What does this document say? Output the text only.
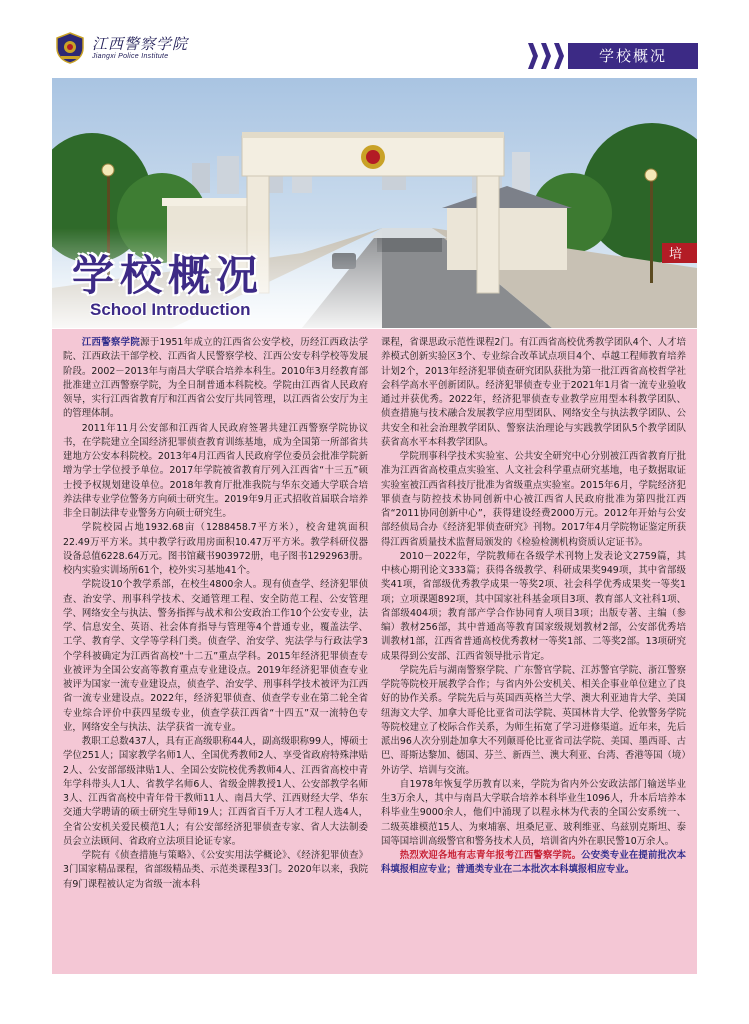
江西警察学院
Jiangxi Police Institute	学校概况
培
学校概况
School Introduction

江西警察学院源于1951年成立的江西省公安学校，历经江西政法学院、江西政法干部学校、江西省人民警察学校、江西公安专科学校等发展阶段。2002－2013年与南昌大学联合培养本科生。2010年3月经教育部批准建立江西警察学院，为全日制普通本科院校。学院由江西省人民政府领导，实行江西省教育厅和江西省公安厅共同管理，以江西省公安厅为主的管理体制。

2011年11月公安部和江西省人民政府签署共建江西警察学院协议书，在学院建立全国经济犯罪侦查教育训练基地，成为全国第一所部省共建地方公安本科院校。2013年4月江西省人民政府学位委员会批准学院新增为学士学位授予单位。2017年学院被省教育厅列入江西省“十三五”硕士授予权规划建设单位。2018年教育厅批准我院与华东交通大学联合培养法律专业学位警务方向硕士研究生。2019年9月正式招收首届联合培养非全日制法律专业警务方向硕士研究生。

学院校园占地1932.68亩（1288458.7平方米），校舍建筑面积22.49万平方米。其中教学行政用房面积10.47万平方米。教学科研仪器设备总值6228.64万元。图书馆藏书903972册，电子图书1292963册。校内实验实训场所61个，校外实习基地41个。

学院设10个教学系部，在校生4800余人。现有侦查学、经济犯罪侦查、治安学、刑事科学技术、交通管理工程、安全防范工程、公安管理学、网络安全与执法、警务指挥与战术和公安政治工作10个公安专业，法学、信息安全、英语、社会体育指导与管理等4个普通专业，覆盖法学、工学、教育学、文学等学科门类。侦查学、治安学、宪法学与行政法学3个学科被确定为江西省高校“十二五”重点学科。2015年经济犯罪侦查专业被评为全国公安高等教育重点专业建设点。2019年经济犯罪侦查专业被评为国家一流专业建设点，侦查学、治安学、刑事科学技术被评为江西省一流专业建设点。2022年，经济犯罪侦查、侦查学专业在第二轮全省专业综合评价中获四星级专业，侦查学获江西省“十四五”双一流特色专业，网络安全与执法、法学获省一流专业。

教职工总数437人，具有正高级职称44人，副高级职称99人，博硕士学位251人；国家教学名师1人、全国优秀教师2人、享受省政府特殊津贴2人、公安部部级津贴1人、全国公安院校优秀教师4人、江西省高校中青年学科带头人1人、省教学名师6人、省级金牌教授1人、公安部教学名师3人、江西省高校中青年骨干教师11人、南昌大学、江西财经大学、华东交通大学聘请的硕士研究生导师19人；江西省百千万人才工程人选4人，全省公安机关爱民模范1人；有公安部经济犯罪侦查专家、省人大法制委员会立法顾问、省政府立法项目论证专家。

学院有《侦查措施与策略》、《公安实用法学概论》、《经济犯罪侦查》3门国家精品课程，省部级精品类、示范类课程33门。2020年以来，我院有9门课程被认定为省级一流本科

课程，省课思政示范性课程2门。有江西省高校优秀教学团队4个、人才培养模式创新实验区3个、专业综合改革试点项目4个、卓越工程师教育培养计划2个，2013年经济犯罪侦查研究团队获批为第一批江西省高校哲学社会科学高水平创新团队。经济犯罪侦查专业于2021年1月省一流专业验收通过并获优秀。2022年，经济犯罪侦查专业教学应用型本科教学团队、侦查措施与技术融合发展教学应用型团队、网络安全与执法教学团队、公共安全和社会治理教学团队、警察法治理论与实践教学团队5个教学团队获省高水平本科教学团队。

学院刑事科学技术实验室、公共安全研究中心分别被江西省教育厅批准为江西省高校重点实验室、人文社会科学重点研究基地，电子数据取证实验室被江西省科技厅批准为省级重点实验室。2015年6月，学院经济犯罪侦查与防控技术协同创新中心被江西省人民政府批准为第四批江西省“2011协同创新中心”，获得建设经费2000万元。2012年开始与公安部经侦局合办《经济犯罪侦查研究》刊物。2017年4月学院物证鉴定所获得江西省质量技术监督局颁发的《检验检测机构资质认定证书》。

2010－2022年，学院教师在各级学术刊物上发表论文2759篇，其中核心期刊论文333篇；获得各级教学、科研成果奖949项，其中省部级奖41项，省部级优秀教学成果一等奖2项、社会科学优秀成果奖一等奖1项；立项课题892项，其中国家社科基金项目3项、教育部人文社科1项、省部级404项；教育部产学合作协同育人项目3项；出版专著、主编（参编）教材256部，其中普通高等教育国家级规划教材2部，公安部优秀培训教材1部，江西省普通高校优秀教材一等奖1部、二等奖2部。13项研究成果得到公安部、江西省领导批示肯定。

学院先后与湖南警察学院、广东警官学院、江苏警官学院、浙江警察学院等院校开展教学合作；与省内外公安机关、相关企事业单位建立了良好的协作关系。学院先后与英国西英格兰大学、澳大利亚迪肯大学、美国纽海文大学、加拿大哥伦比亚省司法学院、英国林肯大学、伦敦警务学院等院校建立了校际合作关系，为师生拓宽了学习进修渠道。近年来，先后派出96人次分别赴加拿大不列颠哥伦比亚省司法学院、美国、墨西哥、古巴、哥斯达黎加、德国、芬兰、新西兰、澳大利亚、台湾、香港等国（境）外访学、培训与交流。

自1978年恢复学历教育以来，学院为省内外公安政法部门输送毕业生3万余人，其中与南昌大学联合培养本科毕业生1096人，升本后培养本科毕业生9000余人，他们中涌现了以程永林为代表的全国公安系统一、二级英雄模范15人、为柬埔寨、坦桑尼亚、玻利维亚、乌兹别克斯坦、泰国等国培训高级警官和警务技术人员，培训省内外在职民警10万余人。

热烈欢迎各地有志青年报考江西警察学院。公安类专业在提前批次本科填报相应专业；普通类专业在二本批次本科填报相应专业。
